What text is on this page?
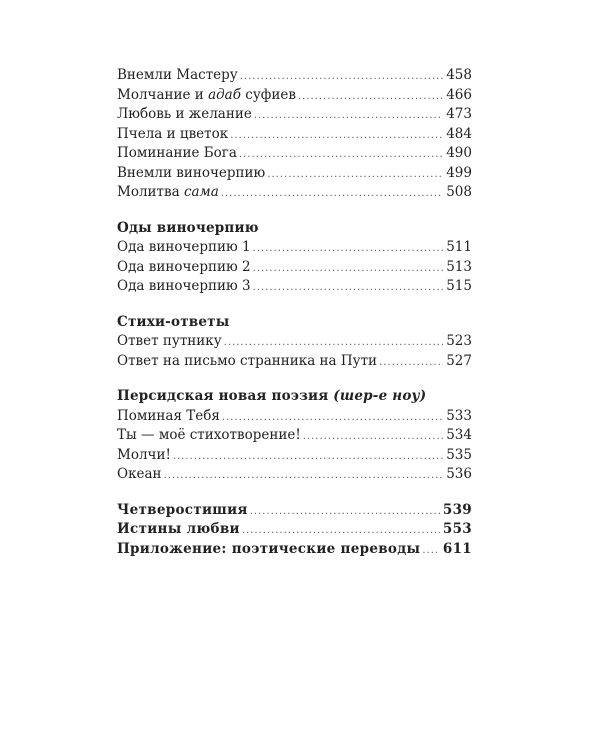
Внемли Мастеру .....	458
Молчание и адаб суфиев .....	466
Любовь и желание .....	473
Пчела и цветок .....	484
Поминание Бога .....	490
Внемли виночерпию .....	499
Молитва сама .....	508
Оды виночерпию
Ода виночерпию 1 .....	511
Ода виночерпию 2 .....	513
Ода виночерпию 3 .....	515
Стихи-ответы
Ответ путнику .....	523
Ответ на письмо странника на Пути .....	527
Персидская новая поэзия (шер-е ноу)
Поминая Тебя .....	533
Ты — моё стихотворение! .....	534
Молчи! .....	535
Океан .....	536
Четверостишия .....	539
Истины любви .....	553
Приложение: поэтические переводы ..... 611
